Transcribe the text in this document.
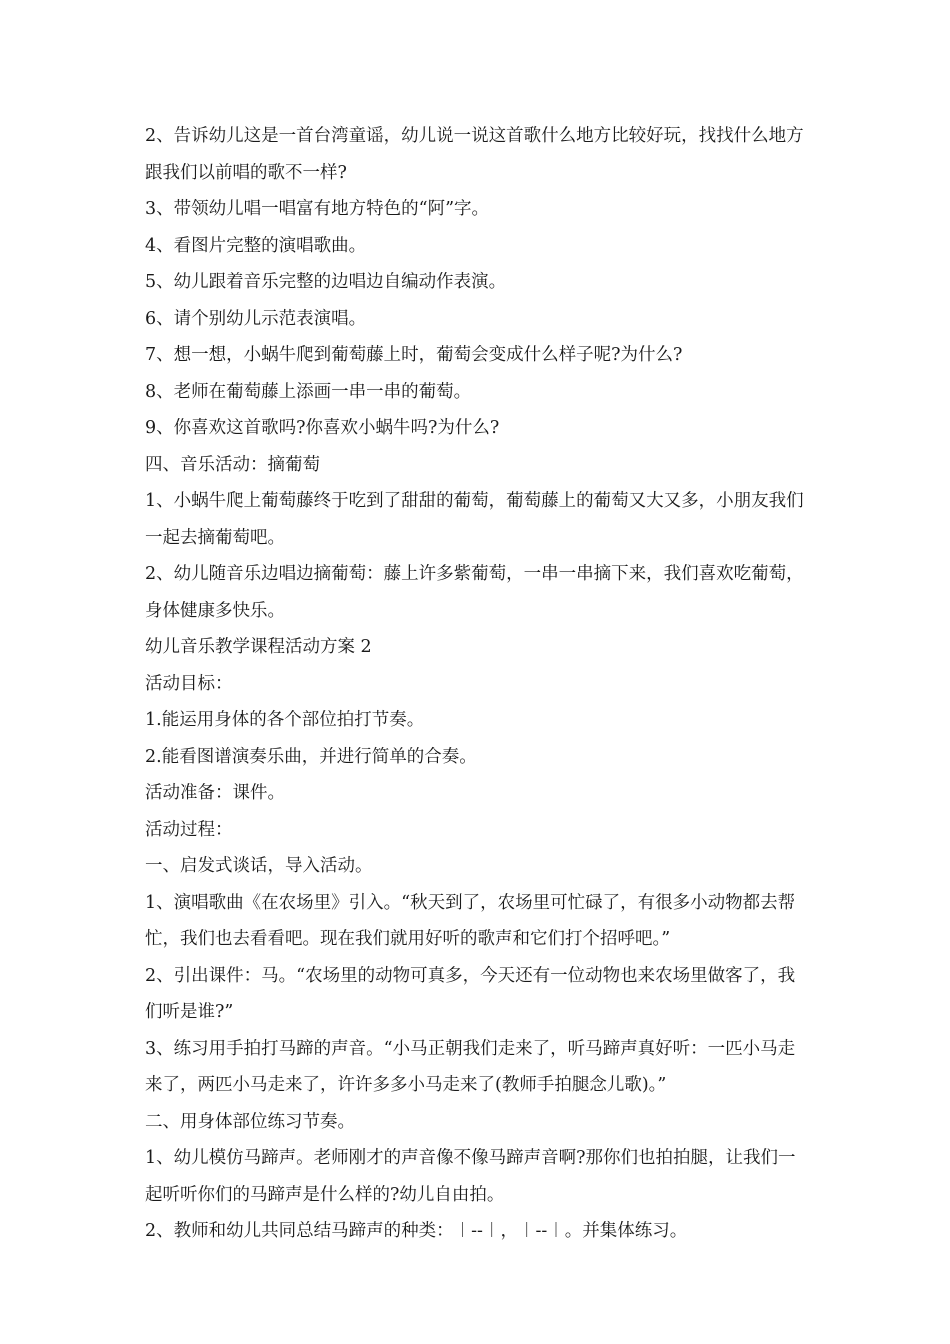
2、告诉幼儿这是一首台湾童谣，幼儿说一说这首歌什么地方比较好玩，找找什么地方跟我们以前唱的歌不一样?

3、带领幼儿唱一唱富有地方特色的“阿”字。

4、看图片完整的演唱歌曲。

5、幼儿跟着音乐完整的边唱边自编动作表演。

6、请个别幼儿示范表演唱。

7、想一想，小蜗牛爬到葡萄藤上时，葡萄会变成什么样子呢?为什么?

8、老师在葡萄藤上添画一串一串的葡萄。

9、你喜欢这首歌吗?你喜欢小蜗牛吗?为什么?

四、音乐活动：摘葡萄

1、小蜗牛爬上葡萄藤终于吃到了甜甜的葡萄，葡萄藤上的葡萄又大又多，小朋友我们一起去摘葡萄吧。

2、幼儿随音乐边唱边摘葡萄：藤上许多紫葡萄，一串一串摘下来，我们喜欢吃葡萄，身体健康多快乐。

幼儿音乐教学课程活动方案 2

活动目标：

1.能运用身体的各个部位拍打节奏。

2.能看图谱演奏乐曲，并进行简单的合奏。

活动准备：课件。

活动过程：

一、启发式谈话，导入活动。

1、演唱歌曲《在农场里》引入。“秋天到了，农场里可忙碌了，有很多小动物都去帮忙，我们也去看看吧。现在我们就用好听的歌声和它们打个招呼吧。”

2、引出课件：马。“农场里的动物可真多，今天还有一位动物也来农场里做客了，我们听是谁?”

3、练习用手拍打马蹄的声音。“小马正朝我们走来了，听马蹄声真好听：一匹小马走来了，两匹小马走来了，许许多多小马走来了(教师手拍腿念儿歌)。”

二、用身体部位练习节奏。

1、幼儿模仿马蹄声。老师刚才的声音像不像马蹄声音啊?那你们也拍拍腿，让我们一起听听你们的马蹄声是什么样的?幼儿自由拍。

2、教师和幼儿共同总结马蹄声的种类：︱--︱，︱--︱。并集体练习。
